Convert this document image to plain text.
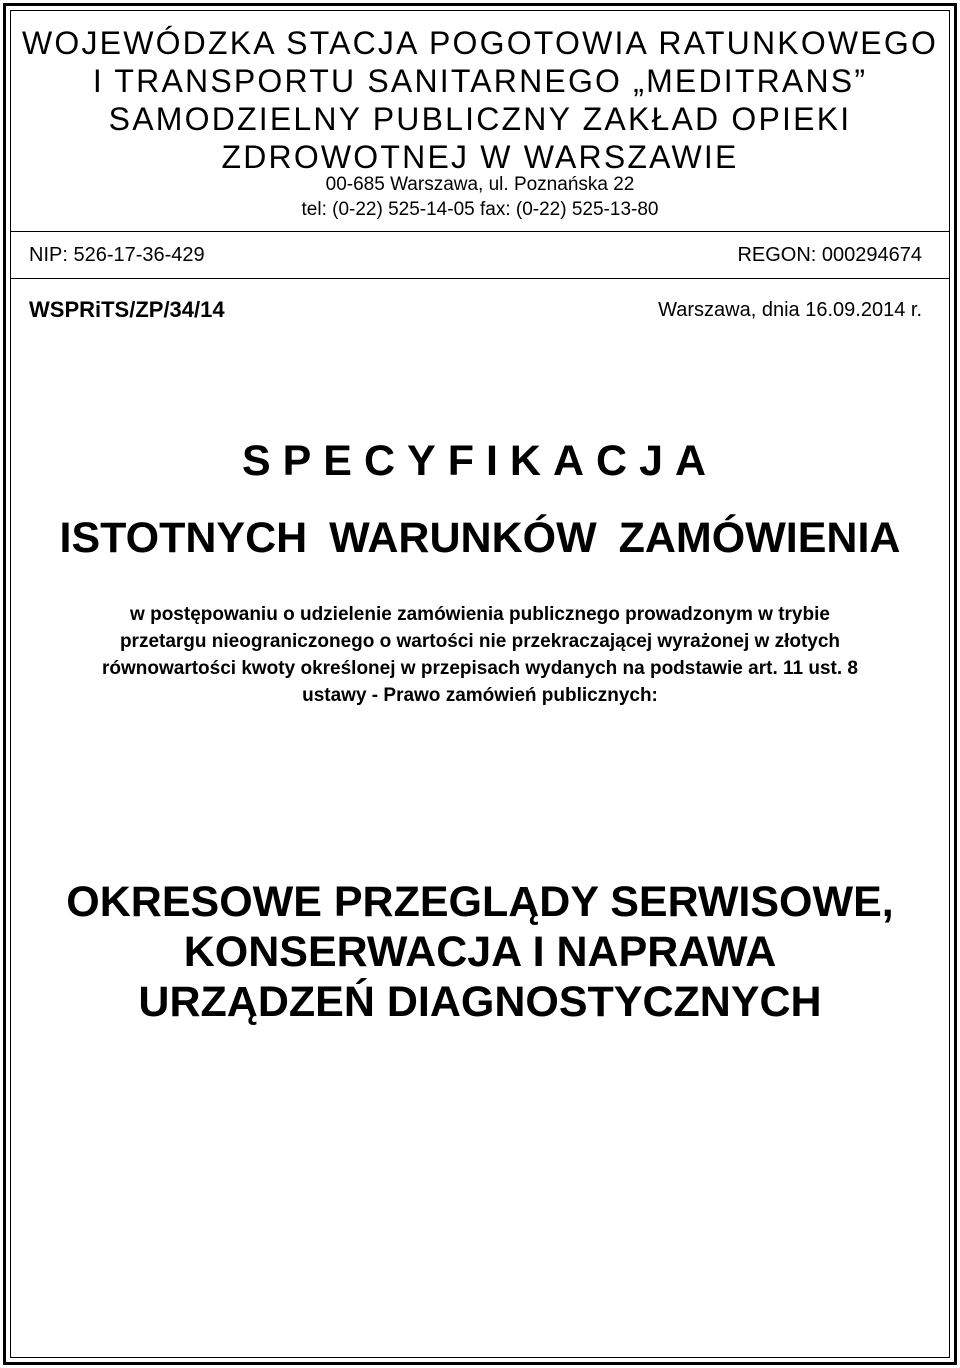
WOJEWÓDZKA STACJA POGOTOWIA RATUNKOWEGO
I TRANSPORTU SANITARNEGO „MEDITRANS”
SAMODZIELNY PUBLICZNY ZAKŁAD OPIEKI
ZDROWOTNEJ W WARSZAWIE
00-685 Warszawa, ul. Poznańska 22
tel: (0-22) 525-14-05 fax: (0-22) 525-13-80
NIP: 526-17-36-429	REGON: 000294674
WSPRiTS/ZP/34/14	Warszawa, dnia 16.09.2014 r.
SPECYFIKACJA
ISTOTNYCH WARUNKÓW ZAMÓWIENIA
w postępowaniu o udzielenie zamówienia publicznego prowadzonym w trybie
przetargu nieograniczonego o wartości nie przekraczającej wyrażonej w złotych
równowartości kwoty określonej w przepisach wydanych na podstawie art. 11 ust. 8
ustawy - Prawo zamówień publicznych:
OKRESOWE PRZEGLĄDY SERWISOWE,
KONSERWACJA I NAPRAWA
URZĄDZEŃ DIAGNOSTYCZNYCH
